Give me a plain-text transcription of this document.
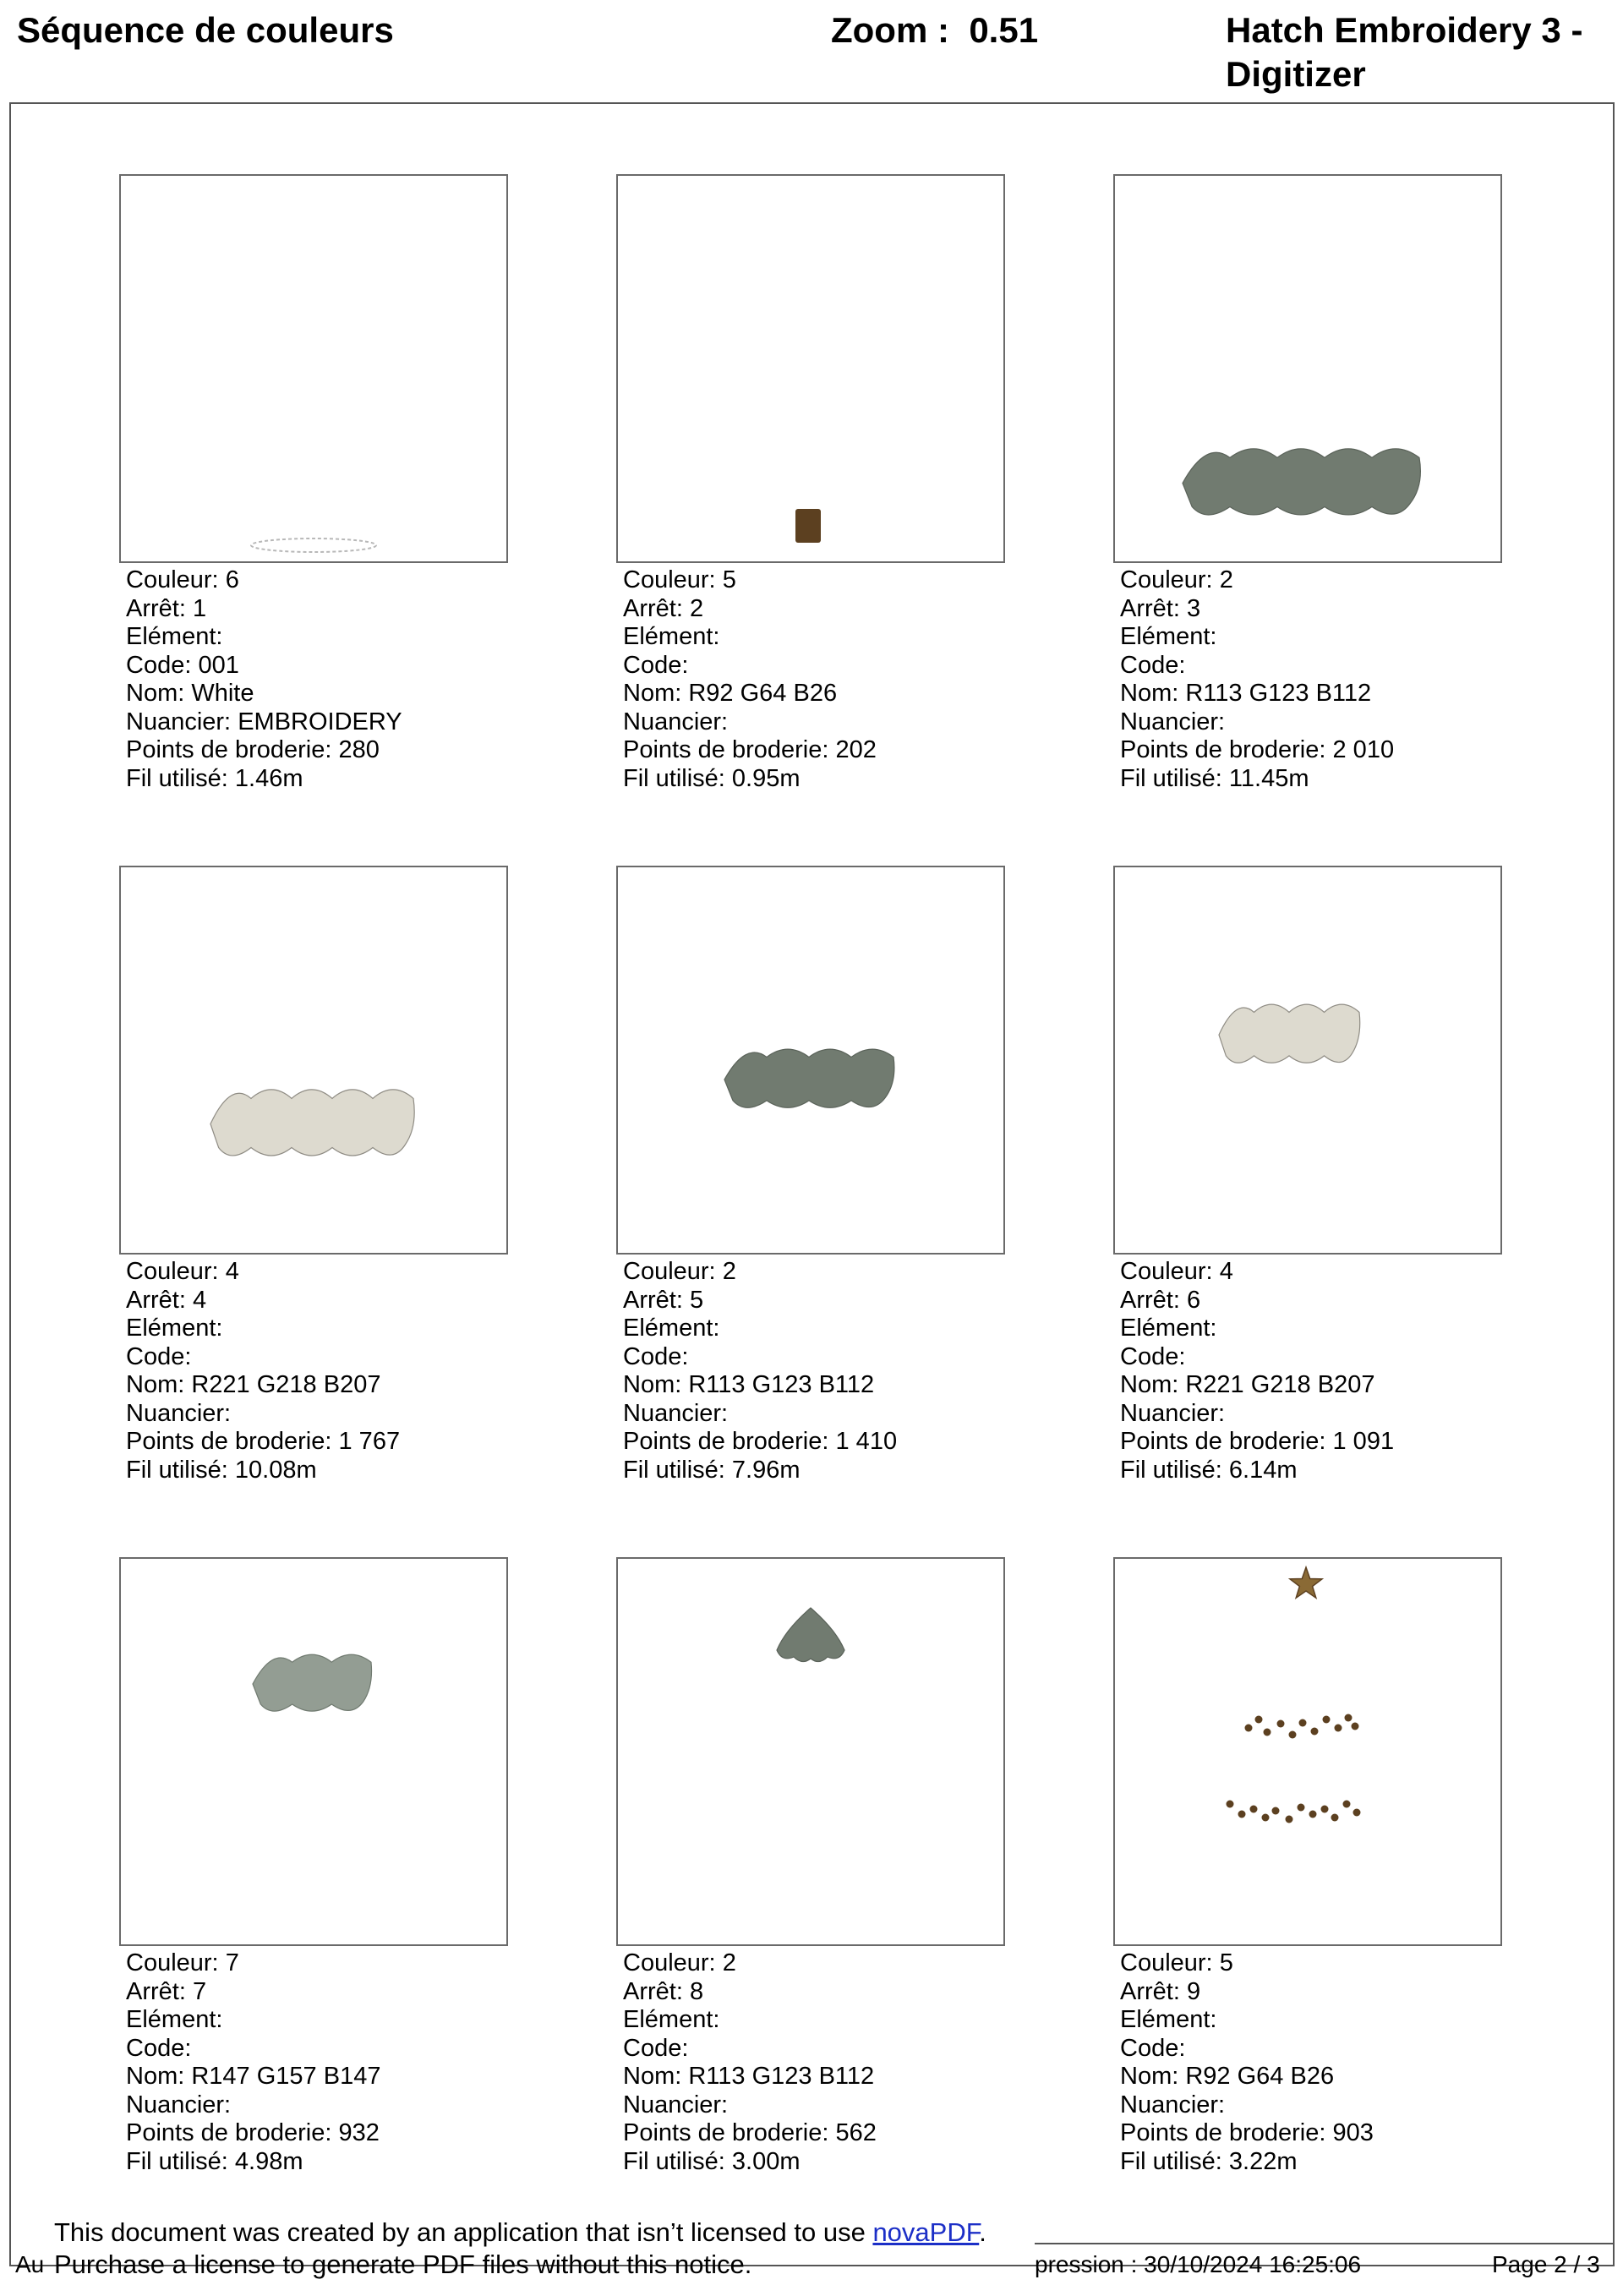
Séquence de couleurs	Zoom : 0.51	Hatch Embroidery 3 -
Digitizer
Couleur: 6
Arrêt: 1
Elément:
Code: 001
Nom: White
Nuancier: EMBROIDERY
Points de broderie: 280
Fil utilisé: 1.46m
Couleur: 5
Arrêt: 2
Elément:
Code:
Nom: R92 G64 B26
Nuancier:
Points de broderie: 202
Fil utilisé: 0.95m
Couleur: 2
Arrêt: 3
Elément:
Code:
Nom: R113 G123 B112
Nuancier:
Points de broderie: 2 010
Fil utilisé: 11.45m
Couleur: 4
Arrêt: 4
Elément:
Code:
Nom: R221 G218 B207
Nuancier:
Points de broderie: 1 767
Fil utilisé: 10.08m
Couleur: 2
Arrêt: 5
Elément:
Code:
Nom: R113 G123 B112
Nuancier:
Points de broderie: 1 410
Fil utilisé: 7.96m
Couleur: 4
Arrêt: 6
Elément:
Code:
Nom: R221 G218 B207
Nuancier:
Points de broderie: 1 091
Fil utilisé: 6.14m
Couleur: 7
Arrêt: 7
Elément:
Code:
Nom: R147 G157 B147
Nuancier:
Points de broderie: 932
Fil utilisé: 4.98m
Couleur: 2
Arrêt: 8
Elément:
Code:
Nom: R113 G123 B112
Nuancier:
Points de broderie: 562
Fil utilisé: 3.00m
Couleur: 5
Arrêt: 9
Elément:
Code:
Nom: R92 G64 B26
Nuancier:
Points de broderie: 903
Fil utilisé: 3.22m
This document was created by an application that isn’t licensed to use novaPDF.
Purchase a license to generate PDF files without this notice.
Au	pression : 30/10/2024 16:25:06	Page 2 / 3
